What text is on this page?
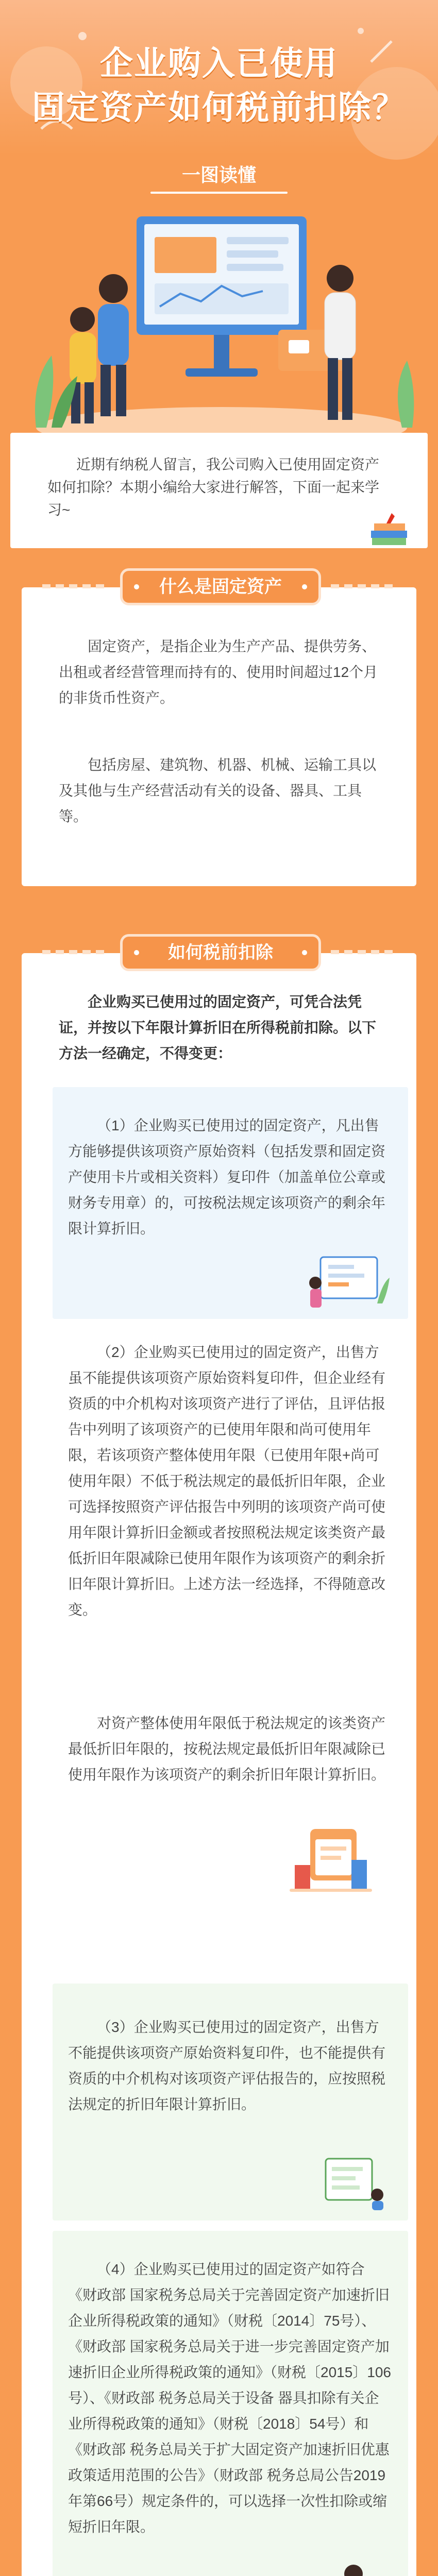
企业购入已使用
固定资产如何税前扣除？
一图读懂

近期有纳税人留言，我公司购入已使用固定资产如何扣除？本期小编给大家进行解答，下面一起来学习~

什么是固定资产

固定资产，是指企业为生产产品、提供劳务、出租或者经营管理而持有的、使用时间超过12个月的非货币性资产。

包括房屋、建筑物、机器、机械、运输工具以及其他与生产经营活动有关的设备、器具、工具等。

如何税前扣除

企业购买已使用过的固定资产，可凭合法凭证，并按以下年限计算折旧在所得税前扣除。以下方法一经确定，不得变更：

（1）企业购买已使用过的固定资产，凡出售方能够提供该项资产原始资料（包括发票和固定资产使用卡片或相关资料）复印件（加盖单位公章或财务专用章）的，可按税法规定该项资产的剩余年限计算折旧。

（2）企业购买已使用过的固定资产，出售方虽不能提供该项资产原始资料复印件，但企业经有资质的中介机构对该项资产进行了评估，且评估报告中列明了该项资产的已使用年限和尚可使用年限，若该项资产整体使用年限（已使用年限+尚可使用年限）不低于税法规定的最低折旧年限，企业可选择按照资产评估报告中列明的该项资产尚可使用年限计算折旧金额或者按照税法规定该类资产最低折旧年限减除已使用年限作为该项资产的剩余折旧年限计算折旧。上述方法一经选择，不得随意改变。

对资产整体使用年限低于税法规定的该类资产最低折旧年限的，按税法规定最低折旧年限减除已使用年限作为该项资产的剩余折旧年限计算折旧。

（3）企业购买已使用过的固定资产，出售方不能提供该项资产原始资料复印件，也不能提供有资质的中介机构对该项资产评估报告的，应按照税法规定的折旧年限计算折旧。

（4）企业购买已使用过的固定资产如符合《财政部 国家税务总局关于完善固定资产加速折旧企业所得税政策的通知》（财税〔2014〕75号）、《财政部 国家税务总局关于进一步完善固定资产加速折旧企业所得税政策的通知》（财税〔2015〕106号）、《财政部 税务总局关于设备 器具扣除有关企业所得税政策的通知》（财税〔2018〕54号）和《财政部 税务总局关于扩大固定资产加速折旧优惠政策适用范围的公告》（财政部 税务总局公告2019年第66号）规定条件的，可以选择一次性扣除或缩短折旧年限。
